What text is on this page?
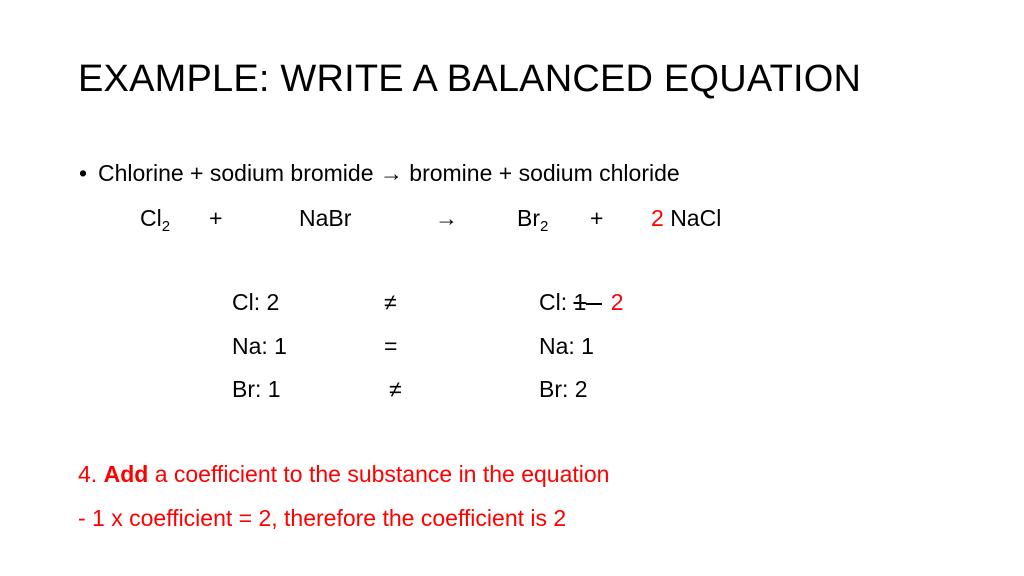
EXAMPLE: WRITE A BALANCED EQUATION
• Chlorine + sodium bromide → bromine + sodium chloride
$Cl_2$ +	NaBr	→	$Br_2 + 2$ NaCl
Cl: 2	≠	Cl: 1 2
Na: 1	=	Na: 1
Br: 1	≠	Br: 2
4. Add a coefficient to the substance in the equation
- 1 x coefficient = 2, therefore the coefficient is 2
